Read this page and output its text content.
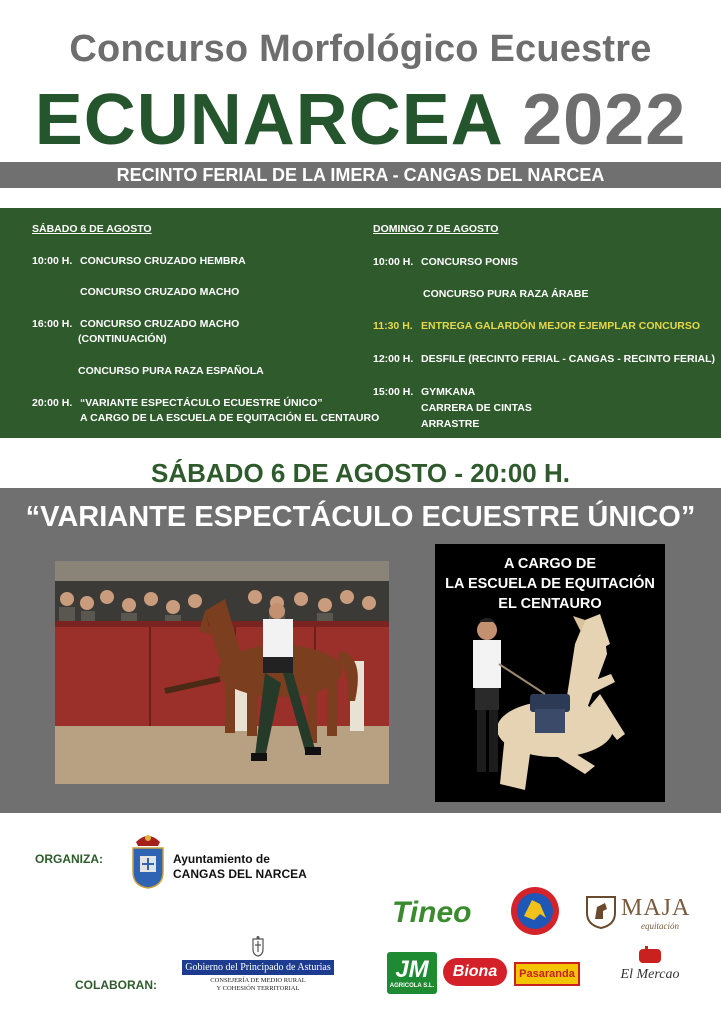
Concurso Morfológico Ecuestre
ECUNARCEA 2022
RECINTO FERIAL DE LA IMERA - CANGAS DEL NARCEA
SÁBADO 6 DE AGOSTO
10:00 H. CONCURSO CRUZADO HEMBRA
CONCURSO CRUZADO MACHO
16:00 H. CONCURSO CRUZADO MACHO
(CONTINUACIÓN)
CONCURSO PURA RAZA ESPAÑOLA
20:00 H. “VARIANTE ESPECTÁCULO ECUESTRE ÚNICO”
A CARGO DE LA ESCUELA DE EQUITACIÓN EL CENTAURO
DOMINGO 7 DE AGOSTO
10:00 H. CONCURSO PONIS
CONCURSO PURA RAZA ÁRABE
11:30 H. ENTREGA GALARDÓN MEJOR EJEMPLAR CONCURSO
12:00 H. DESFILE (RECINTO FERIAL - CANGAS - RECINTO FERIAL)
15:00 H. GYMKANA
CARRERA DE CINTAS
ARRASTRE
SÁBADO 6 DE AGOSTO - 20:00 H.
“VARIANTE ESPECTÁCULO ECUESTRE ÚNICO”
A CARGO DE
LA ESCUELA DE EQUITACIÓN
EL CENTAURO
ORGANIZA:	Ayuntamiento de
CANGAS DEL NARCEA
COLABORAN:
Gobierno del Principado de Asturias
CONSEJERÍA DE MEDIO RURAL
Y COHESIÓN TERRITORIAL
Tineo	MAJA
equitación
JM
AGRICOLA S.L.
Biona	Pasaranda	El Mercao
